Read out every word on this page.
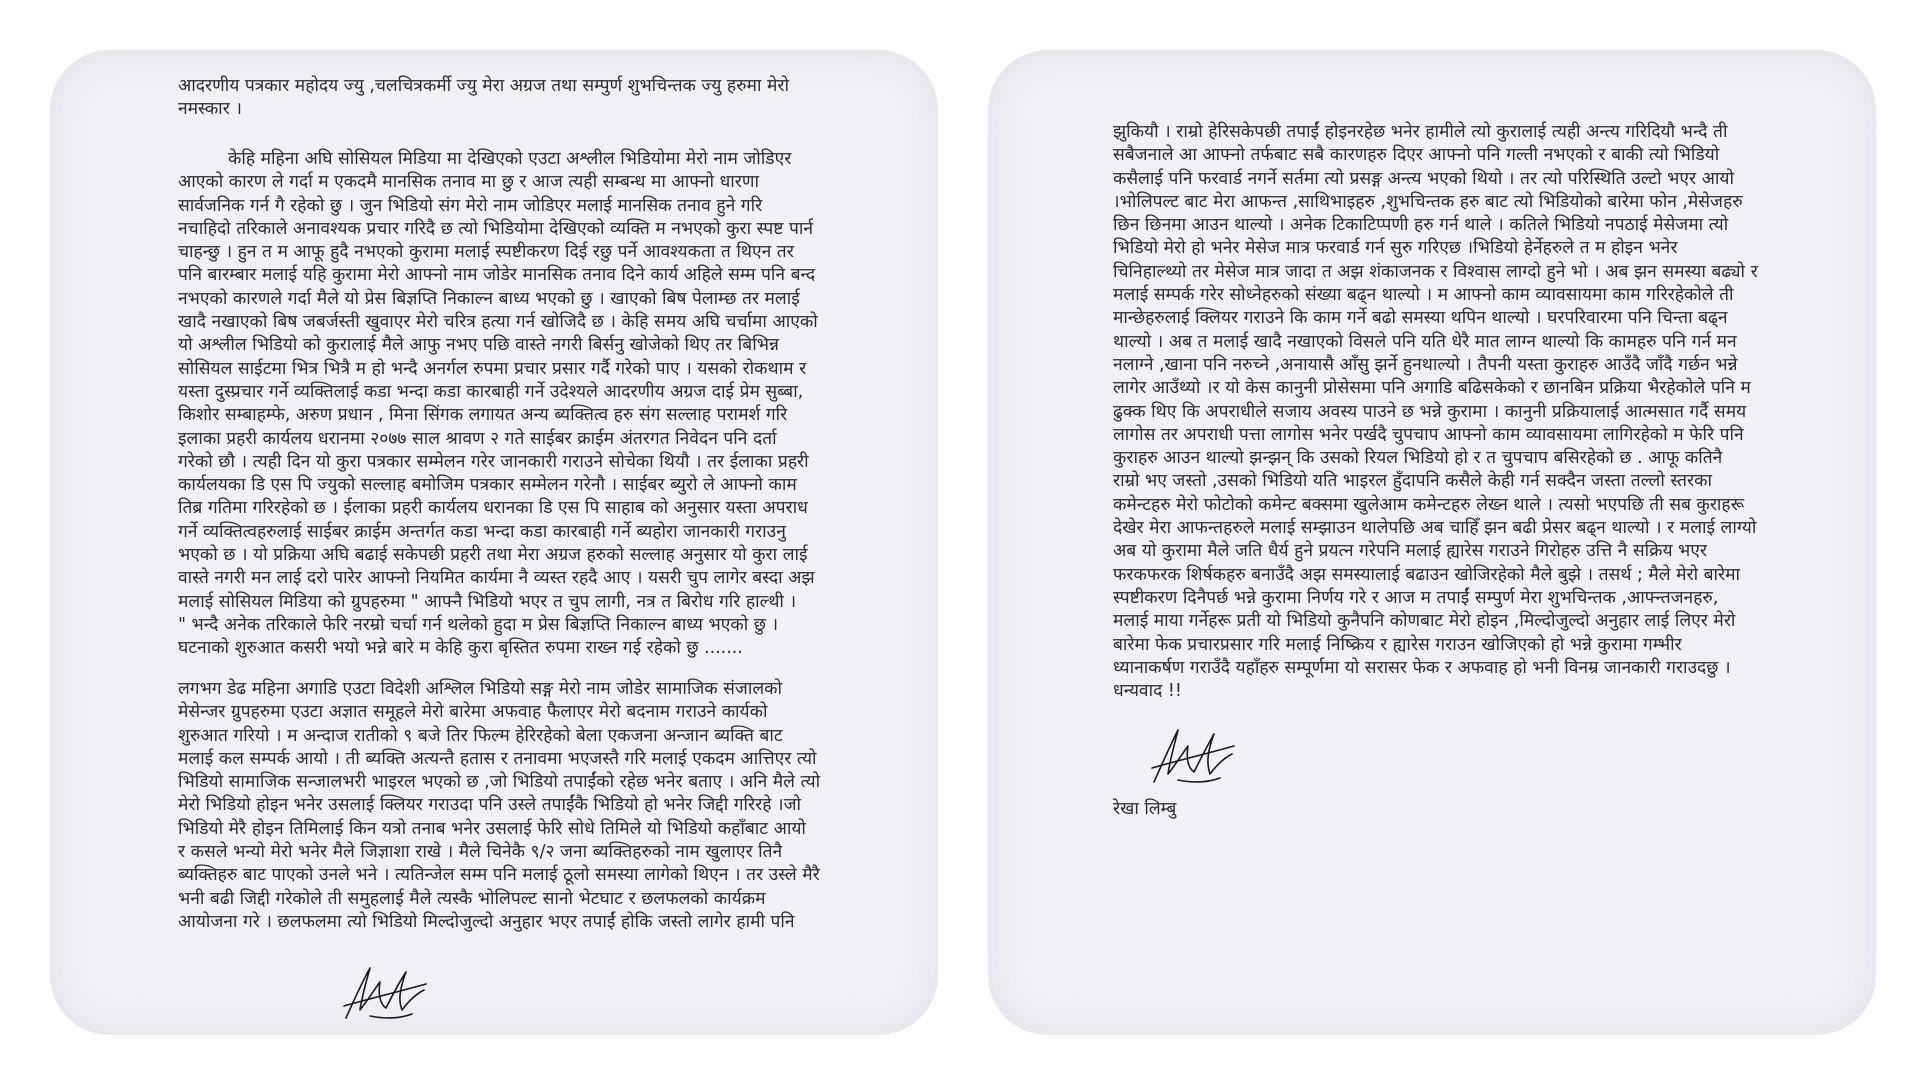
आदरणीय पत्रकार महोदय ज्यु ,चलचित्रकर्मी ज्यु मेरा अग्रज तथा सम्पुर्ण शुभचिन्तक ज्यु हरुमा मेरो
नमस्कार ।
केहि महिना अघि सोसियल मिडिया मा देखिएको एउटा अश्लील भिडियोमा मेरो नाम जोडिएर
आएको कारण ले गर्दा म एकदमै मानसिक तनाव मा छु र आज त्यही सम्बन्ध मा आफ्नो धारणा
सार्वजनिक गर्न गै रहेको छु । जुन भिडियो संग मेरो नाम जोडिएर मलाई मानसिक तनाव हुने गरि
नचाहिदो तरिकाले अनावश्यक प्रचार गरिदै छ त्यो भिडियोमा देखिएको व्यक्ति म नभएको कुरा स्पष्ट पार्न
चाहन्छु । हुन त म आफू हुदै नभएको कुरामा मलाई स्पष्टीकरण दिई रछु पर्ने आवश्यकता त थिएन तर
पनि बारम्बार मलाई यहि कुरामा मेरो आफ्नो नाम जोडेर मानसिक तनाव दिने कार्य अहिले सम्म पनि बन्द
नभएको कारणले गर्दा मैले यो प्रेस बिज्ञप्ति निकाल्न बाध्य भएको छु । खाएको बिष पेलाम्छ तर मलाई
खादै नखाएको बिष जबर्जस्ती खुवाएर मेरो चरित्र हत्या गर्न खोजिदै छ । केहि समय अघि चर्चामा आएको
यो अश्लील भिडियो को कुरालाई मैले आफु नभए पछि वास्ते नगरी बिर्सनु खोजेको थिए तर बिभिन्न
सोसियल साईटमा भित्र भित्रै म हो भन्दै अनर्गल रुपमा प्रचार प्रसार गर्दै गरेको पाए । यसको रोकथाम र
यस्ता दुस्प्रचार गर्ने व्यक्तिलाई कडा भन्दा कडा कारबाही गर्ने उदेश्यले आदरणीय अग्रज दाई प्रेम सुब्बा,
किशोर सम्बाहम्फे, अरुण प्रधान , मिना सिंगक लगायत अन्य ब्यक्तित्व हरु संग सल्लाह परामर्श गरि
इलाका प्रहरी कार्यलय धरानमा २०७७ साल श्रावण २ गते साईबर क्राईम अंतरगत निवेदन पनि दर्ता
गरेको छौ । त्यही दिन यो कुरा पत्रकार सम्मेलन गरेर जानकारी गराउने सोचेका थियौ । तर ईलाका प्रहरी
कार्यलयका डि एस पि ज्युको सल्लाह बमोजिम पत्रकार सम्मेलन गरेनौ । साईबर ब्युरो ले आफ्नो काम
तिब्र गतिमा गरिरहेको छ । ईलाका प्रहरी कार्यलय धरानका डि एस पि साहाब को अनुसार यस्ता अपराध
गर्ने व्यक्तित्वहरुलाई साईबर क्राईम अन्तर्गत कडा भन्दा कडा कारबाही गर्ने ब्यहोरा जानकारी गराउनु
भएको छ । यो प्रक्रिया अघि बढाई सकेपछी प्रहरी तथा मेरा अग्रज हरुको सल्लाह अनुसार यो कुरा लाई
वास्ते नगरी मन लाई दरो पारेर आफ्नो नियमित कार्यमा नै व्यस्त रहदै आए । यसरी चुप लागेर बस्दा अझ
मलाई सोसियल मिडिया को ग्रुपहरुमा " आफ्नै भिडियो भएर त चुप लागी, नत्र त बिरोध गरि हाल्थी ।
" भन्दै अनेक तरिकाले फेरि नरम्रो चर्चा गर्न थलेको हुदा म प्रेस बिज्ञप्ति निकाल्न बाध्य भएको छु ।
घटनाको शुरुआत कसरी भयो भन्ने बारे म केहि कुरा बृस्तित रुपमा राख्न गई रहेको छु .......
लगभग डेढ महिना अगाडि एउटा विदेशी अश्लिल भिडियो सङ्ग मेरो नाम जोडेर सामाजिक संजालको
मेसेन्जर ग्रुपहरुमा एउटा अज्ञात समूहले मेरो बारेमा अफवाह फैलाएर मेरो बदनाम गराउने कार्यको
शुरुआत गरियो । म अन्दाज रातीको ९ बजे तिर फिल्म हेरिरहेको बेला एकजना अन्जान ब्यक्ति बाट
मलाई कल सम्पर्क आयो । ती ब्यक्ति अत्यन्तै हतास र तनावमा भएजस्तै गरि मलाई एकदम आत्तिएर त्यो
भिडियो सामाजिक सन्जालभरी भाइरल भएको छ ,जो भिडियो तपाईंको रहेछ भनेर बताए । अनि मैले त्यो
मेरो भिडियो होइन भनेर उसलाई क्लियर गराउदा पनि उस्ले तपाईंकै भिडियो हो भनेर जिद्दी गरिरहे ।जो
भिडियो मेरै होइन तिमिलाई किन यत्रो तनाब भनेर उसलाई फेरि सोधे तिमिले यो भिडियो कहाँबाट आयो
र कसले भन्यो मेरो भनेर मैले जिज्ञाशा राखे । मैले चिनेकै ९/२ जना ब्यक्तिहरुको नाम खुलाएर तिनै
ब्यक्तिहरु बाट पाएको उनले भने । त्यतिन्जेल सम्म पनि मलाई ठूलो समस्या लागेको थिएन । तर उस्ले मैरै
भनी बढी जिद्दी गरेकोले ती समुहलाई मैले त्यस्कै भोलिपल्ट सानो भेटघाट र छलफलको कार्यक्रम
आयोजना गरे । छलफलमा त्यो भिडियो मिल्दोजुल्दो अनुहार भएर तपाईं होकि जस्तो लागेर हामी पनि
झुकियौ । राम्रो हेरिसकेपछी तपाईं होइनरहेछ भनेर हामीले त्यो कुरालाई त्यही अन्त्य गरिदियौ भन्दै ती
सबैजनाले आ आफ्नो तर्फबाट सबै कारणहरु दिएर आफ्नो पनि गल्ती नभएको र बाकी त्यो भिडियो
कसैलाई पनि फरवार्ड नगर्ने सर्तमा त्यो प्रसङ्ग अन्त्य भएको थियो । तर त्यो परिस्थिति उल्टो भएर आयो
।भोलिपल्ट बाट मेरा आफन्त ,साथिभाइहरु ,शुभचिन्तक हरु बाट त्यो भिडियोको बारेमा फोन ,मेसेजहरु
छिन छिनमा आउन थाल्यो । अनेक टिकाटिप्पणी हरु गर्न थाले । कतिले भिडियो नपठाई मेसेजमा त्यो
भिडियो मेरो हो भनेर मेसेज मात्र फरवार्ड गर्न सुरु गरिएछ ।भिडियो हेर्नेहरुले त म होइन भनेर
चिनिहाल्थ्यो तर मेसेज मात्र जादा त अझ शंकाजनक र विश्वास लाग्दो हुने भो । अब झन समस्या बढ्यो र
मलाई सम्पर्क गरेर सोध्नेहरुको संख्या बढ्न थाल्यो । म आफ्नो काम व्यावसायमा काम गरिरहेकोले ती
मान्छेहरुलाई क्लियर गराउने कि काम गर्ने बढो समस्या थपिन थाल्यो । घरपरिवारमा पनि चिन्ता बढ्न
थाल्यो । अब त मलाई खादै नखाएको विसले पनि यति धेरै मात लाग्न थाल्यो कि कामहरु पनि गर्न मन
नलाग्ने ,खाना पनि नरुच्ने ,अनायासै आँसु झर्ने हुनथाल्यो । तैपनी यस्ता कुराहरु आउँदै जाँदै गर्छन भन्ने
लागेर आउँथ्यो ।र यो केस कानुनी प्रोसेसमा पनि अगाडि बढिसकेको र छानबिन प्रक्रिया भैरहेकोले पनि म
ढुक्क थिए कि अपराधीले सजाय अवस्य पाउने छ भन्ने कुरामा । कानुनी प्रक्रियालाई आत्मसात गर्दै समय
लागोस तर अपराधी पत्ता लागोस भनेर पर्खदै चुपचाप आफ्नो काम व्यावसायमा लागिरहेको म फेरि पनि
कुराहरु आउन थाल्यो झन्झन् कि उसको रियल भिडियो हो र त चुपचाप बसिरहेको छ . आफू कतिनै
राम्रो भए जस्तो ,उसको भिडियो यति भाइरल हुँदापनि कसैले केही गर्न सक्दैन जस्ता तल्लो स्तरका
कमेन्टहरु मेरो फोटोको कमेन्ट बक्समा खुलेआम कमेन्टहरु लेख्न थाले । त्यसो भएपछि ती सब कुराहरू
देखेर मेरा आफन्तहरुले मलाई सम्झाउन थालेपछि अब चाहिँ झन बढी प्रेसर बढ्न थाल्यो । र मलाई लाग्यो
अब यो कुरामा मैले जति धैर्य हुने प्रयत्न गरेपनि मलाई ह्यारेस गराउने गिरोहरु उत्ति नै सक्रिय भएर
फरकफरक शिर्षकहरु बनाउँदै अझ समस्यालाई बढाउन खोजिरहेको मैले बुझे । तसर्थ ; मैले मेरो बारेमा
स्पष्टीकरण दिनैपर्छ भन्ने कुरामा निर्णय गरे र आज म तपाईं सम्पुर्ण मेरा शुभचिन्तक ,आफ्न्तजनहरु,
मलाई माया गर्नेहरू प्रती यो भिडियो कुनैपनि कोणबाट मेरो होइन ,मिल्दोजुल्दो अनुहार लाई लिएर मेरो
बारेमा फेक प्रचारप्रसार गरि मलाई निष्क्रिय र ह्यारेस गराउन खोजिएको हो भन्ने कुरामा गम्भीर
ध्यानाकर्षण गराउँदै यहाँहरु सम्पूर्णमा यो सरासर फेक र अफवाह हो भनी विनम्र जानकारी गराउदछु ।
धन्यवाद !!
रेखा लिम्बु
